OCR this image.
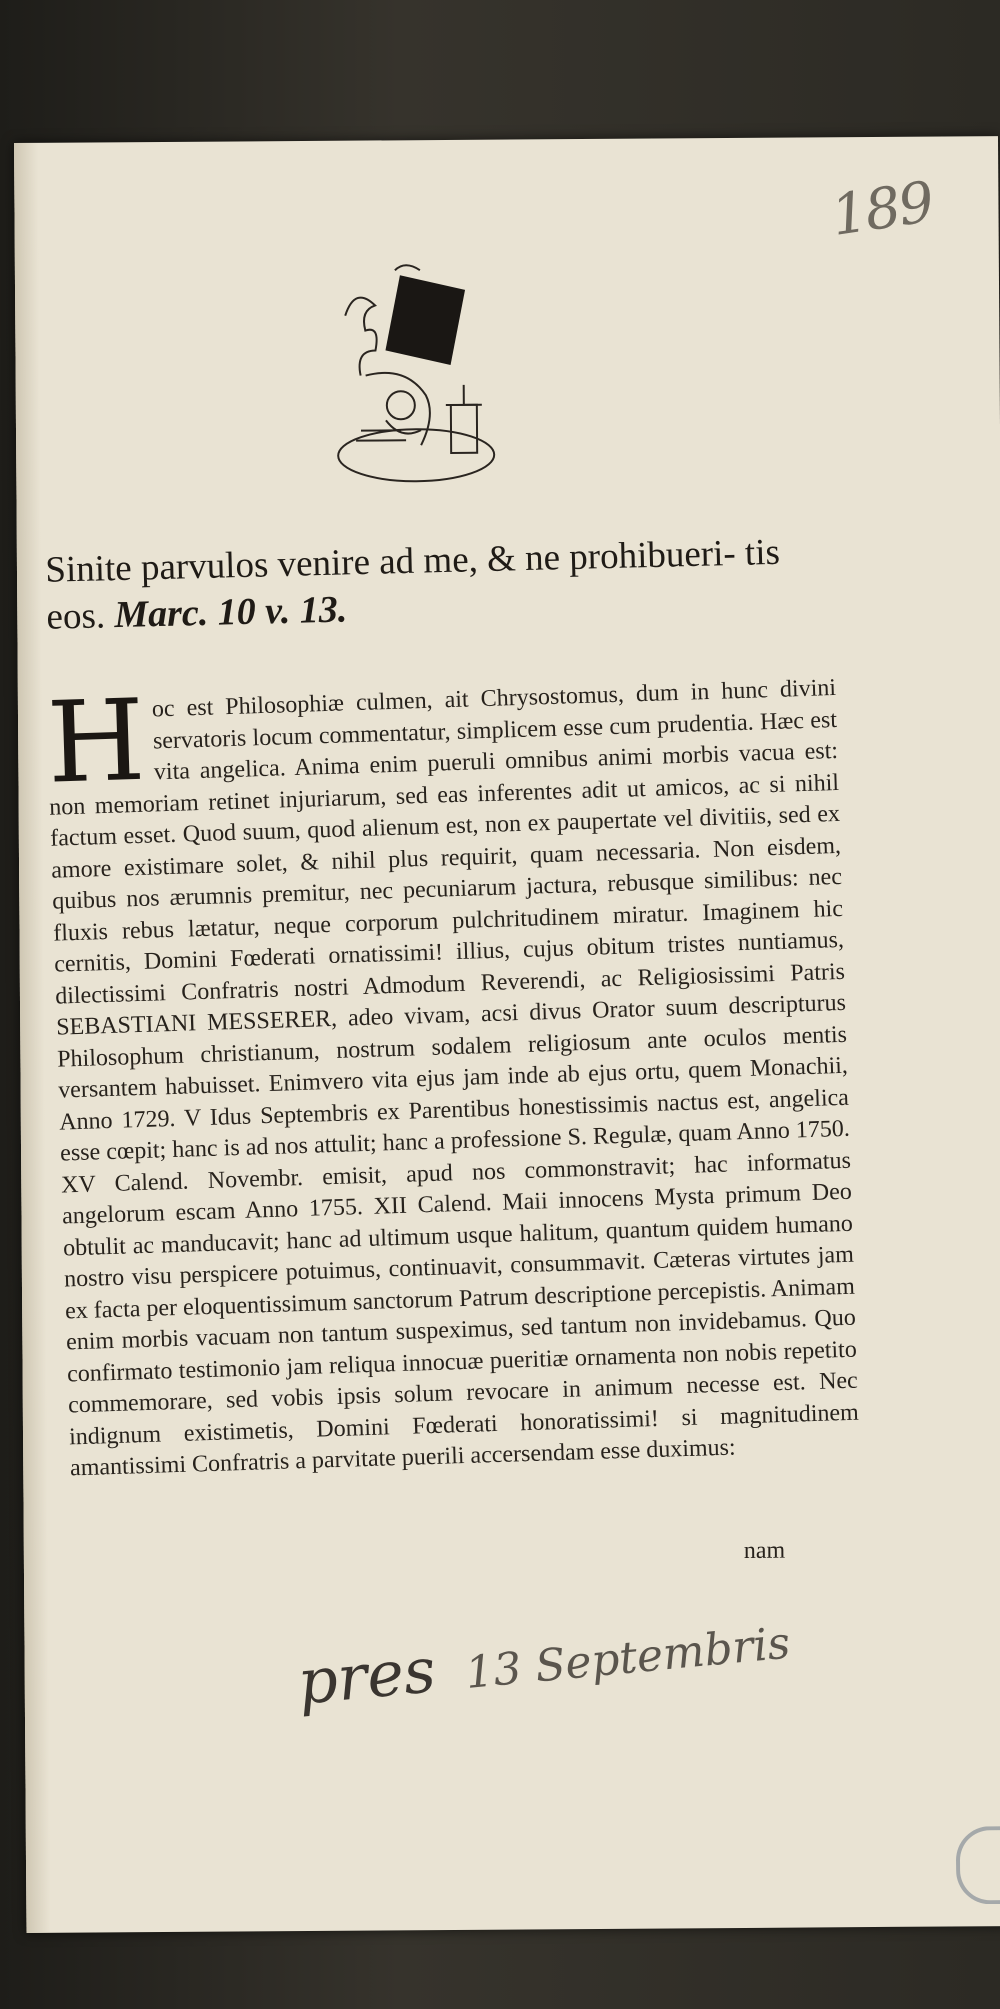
189
Sinite parvulos venire ad me, & ne prohibueri- tis eos. Marc. 10 v. 13.
H oc est Philosophiæ culmen, ait Chrysostomus, dum in hunc divini servatoris locum commentatur, simplicem esse cum prudentia. Hæc est vita angelica. Anima enim pueruli omnibus animi morbis vacua est: non memoriam retinet injuriarum, sed eas inferentes adit ut amicos, ac si nihil factum esset. Quod suum, quod alienum est, non ex paupertate vel divitiis, sed ex amore existimare solet, & nihil plus requirit, quam necessaria. Non eisdem, quibus nos ærumnis premitur, nec pecuniarum jactura, rebusque similibus: nec fluxis rebus lætatur, neque corporum pulchritudinem miratur. Imaginem hic cernitis, Domini Fœderati ornatissimi! illius, cujus obitum tristes nuntiamus, dilectissimi Confratris nostri Admodum Reverendi, ac Religiosissimi Patris SEBASTIANI MESSERER, adeo vivam, acsi divus Orator suum descripturus Philosophum christianum, nostrum sodalem religiosum ante oculos mentis versantem habuisset. Enimvero vita ejus jam inde ab ejus ortu, quem Monachii, Anno 1729. V Idus Septembris ex Parentibus honestissimis nactus est, angelica esse cœpit; hanc is ad nos attulit; hanc a professione S. Regulæ, quam Anno 1750. XV Calend. Novembr. emisit, apud nos commonstravit; hac informatus angelorum escam Anno 1755. XII Calend. Maii innocens Mysta primum Deo obtulit ac manducavit; hanc ad ultimum usque halitum, quantum quidem humano nostro visu perspicere potuimus, continuavit, consummavit. Cæteras virtutes jam ex facta per eloquentissimum sanctorum Patrum descriptione percepistis. Animam enim morbis vacuam non tantum suspeximus, sed tantum non invidebamus. Quo confirmato testimonio jam reliqua innocuæ pueritiæ ornamenta non nobis repetito commemorare, sed vobis ipsis solum revocare in animum necesse est. Nec indignum existimetis, Domini Fœderati honoratissimi! si magnitudinem amantissimi Confratris a parvitate puerili accersendam esse duximus:
nam
pres 13 Septembris
